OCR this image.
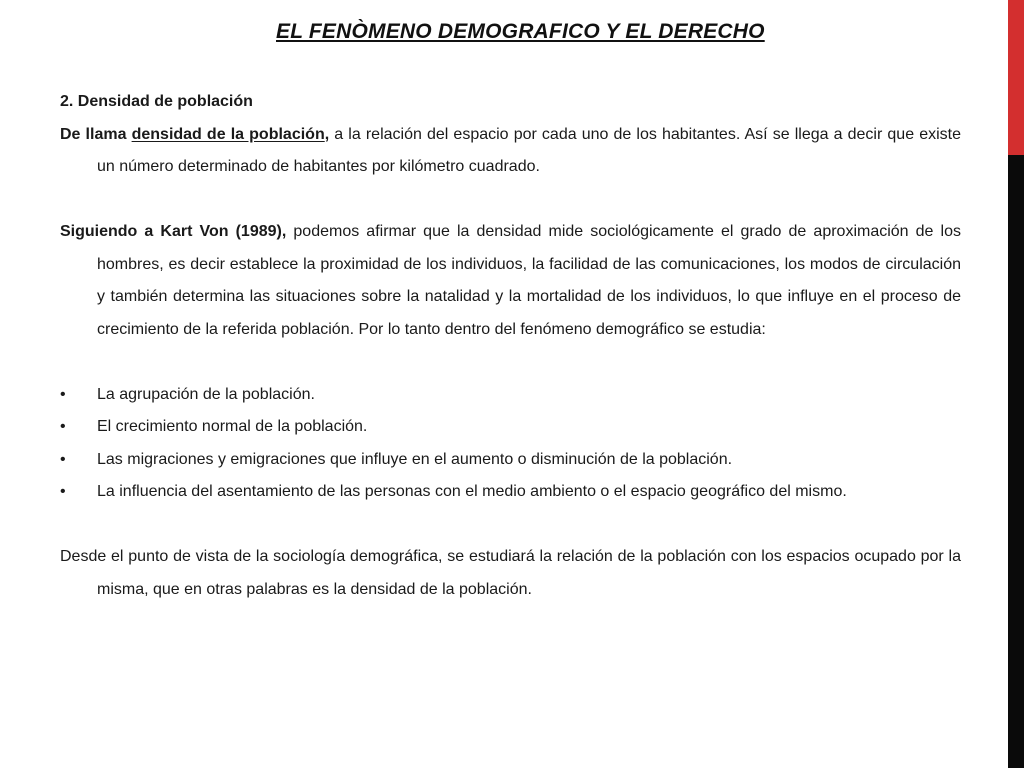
EL FENÒMENO DEMOGRAFICO Y EL DERECHO

2. Densidad de población

De llama densidad de la población, a la relación del espacio por cada uno de los habitantes. Así se llega a decir que existe un número determinado de habitantes por kilómetro cuadrado.

Siguiendo a Kart Von (1989), podemos afirmar que la densidad mide sociológicamente el grado de aproximación de los hombres, es decir establece la proximidad de los individuos, la facilidad de las comunicaciones, los modos de circulación y también determina las situaciones sobre la natalidad y la mortalidad de los individuos, lo que influye en el proceso de crecimiento de la referida población. Por lo tanto dentro del fenómeno demográfico se estudia:

• La agrupación de la población.
• El crecimiento normal de la población.
• Las migraciones y emigraciones que influye en el aumento o disminución de la población.
• La influencia del asentamiento de las personas con el medio ambiento o el espacio geográfico del mismo.

Desde el punto de vista de la sociología demográfica, se estudiará la relación de la población con los espacios ocupado por la misma, que en otras palabras es la densidad de la población.
